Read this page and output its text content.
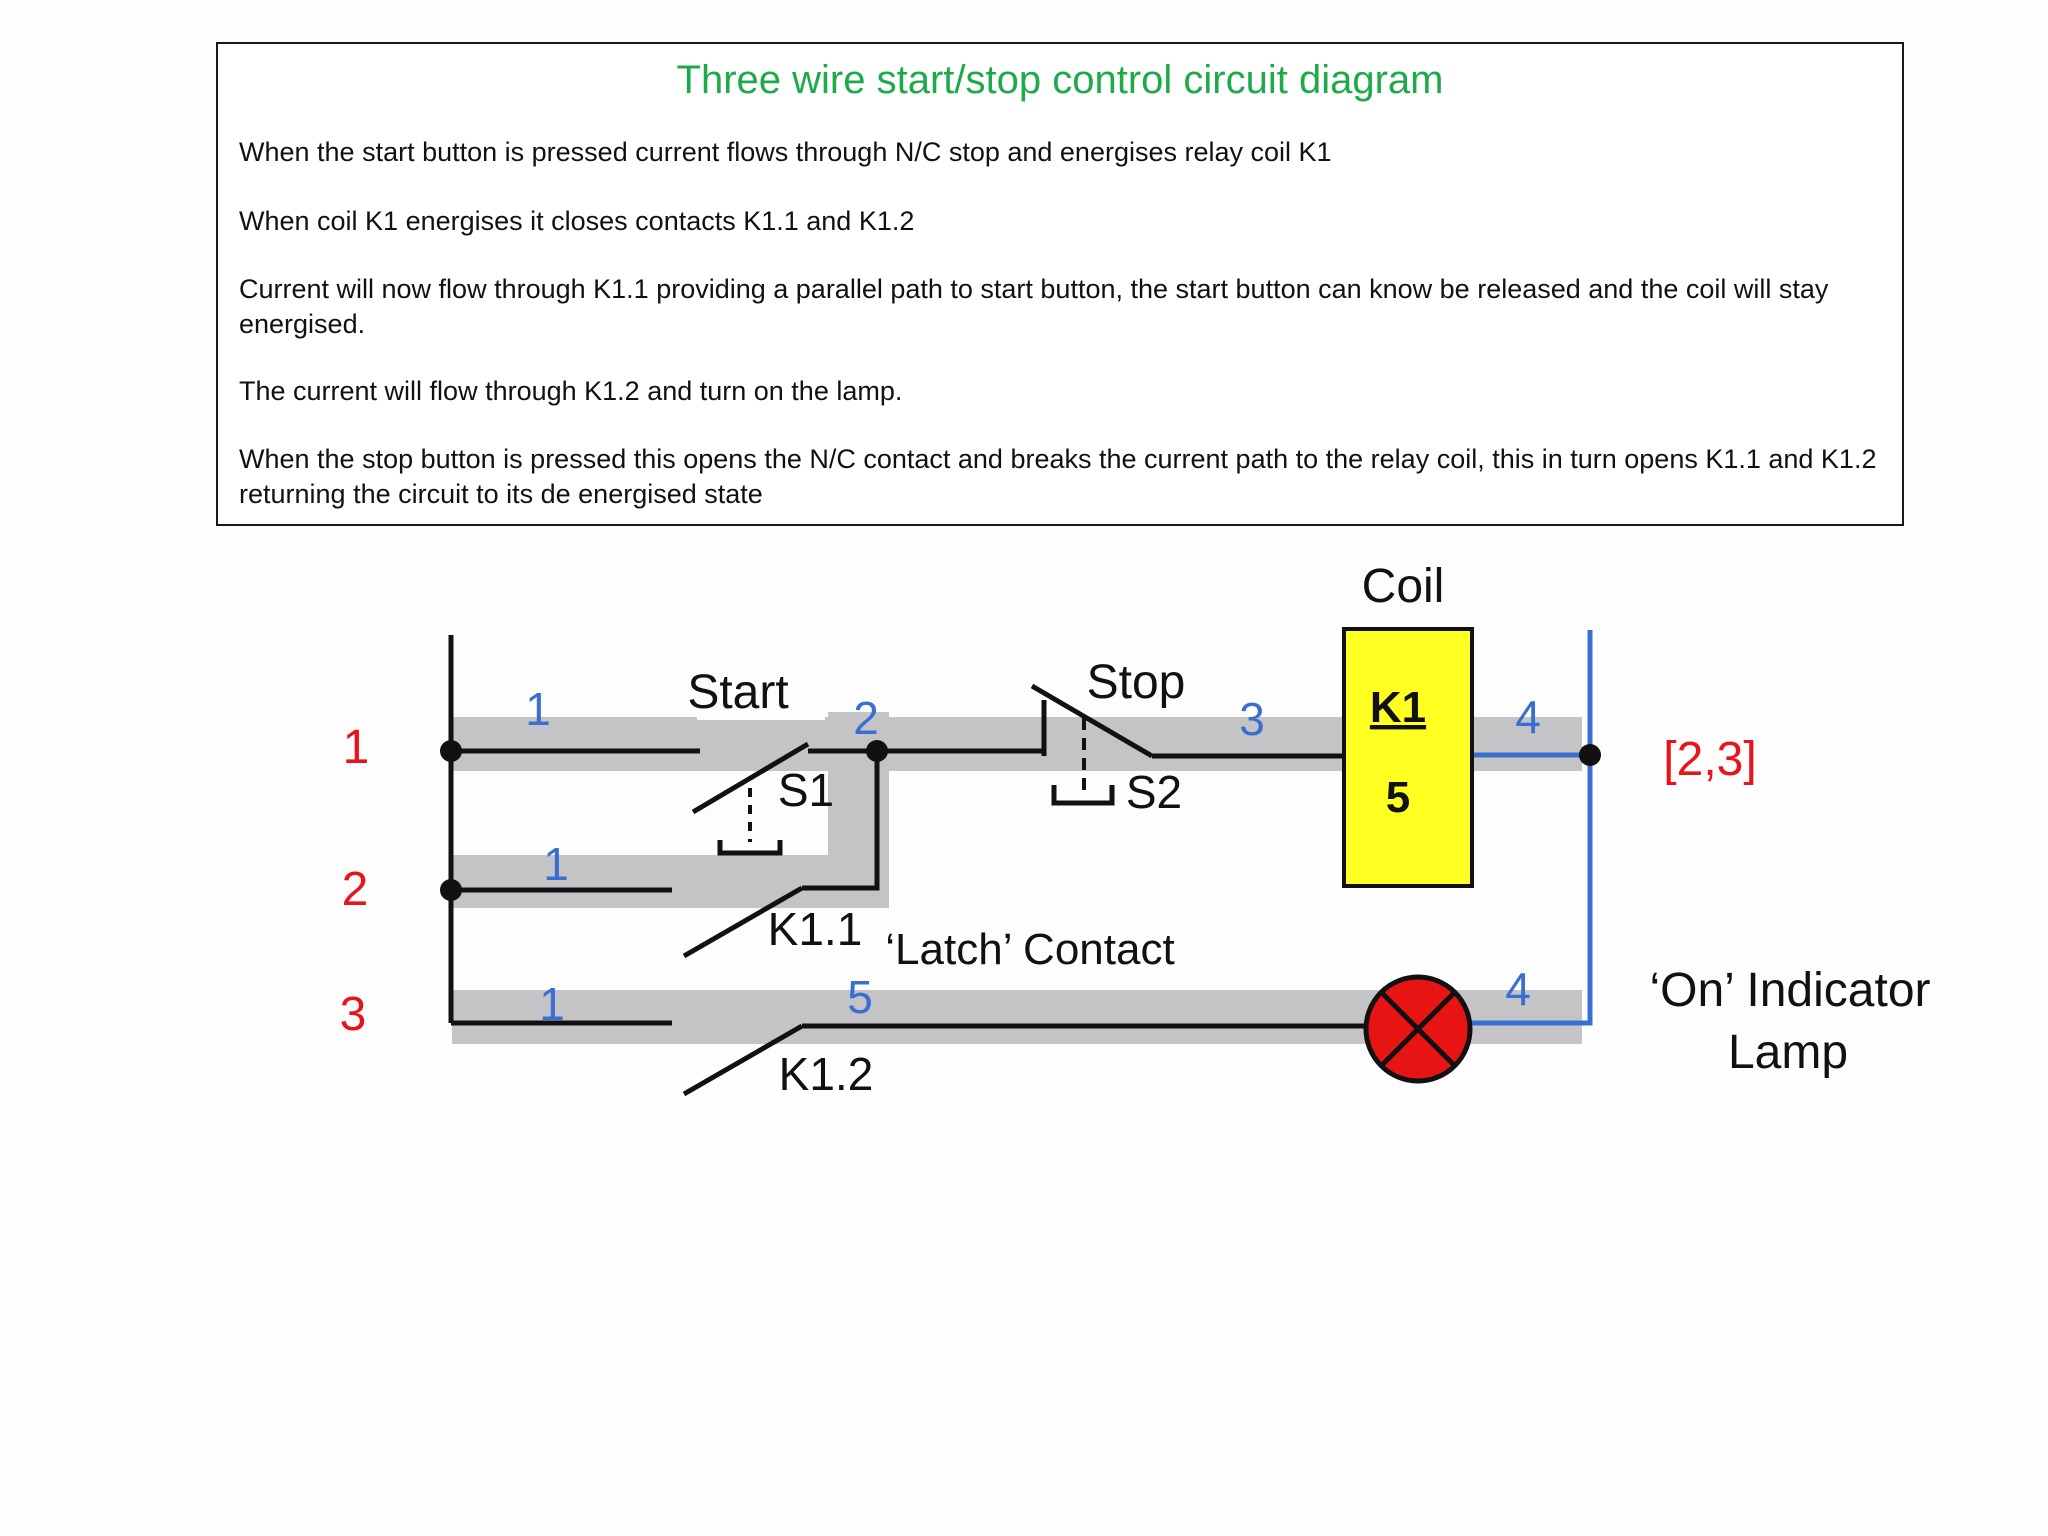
Three wire start/stop control circuit diagram

When the start button is pressed current flows through N/C stop and energises relay coil K1

When coil K1 energises it closes contacts K1.1 and K1.2

Current will now flow through K1.1 providing a parallel path to start button, the start button can know be released and the coil will stay energised.

The current will flow through K1.2 and turn on the lamp.

When the stop button is pressed this opens the N/C contact and breaks the current path to the relay coil, this in turn opens K1.1 and K1.2 returning the circuit to its de energised state

1
2
3
[2,3]
1	2	3	4
1
1	5	4
Coil
K1
5
Start
S1
Stop
S2
K1.1 ‘Latch’ Contact
K1.2
‘On’ Indicator
Lamp
